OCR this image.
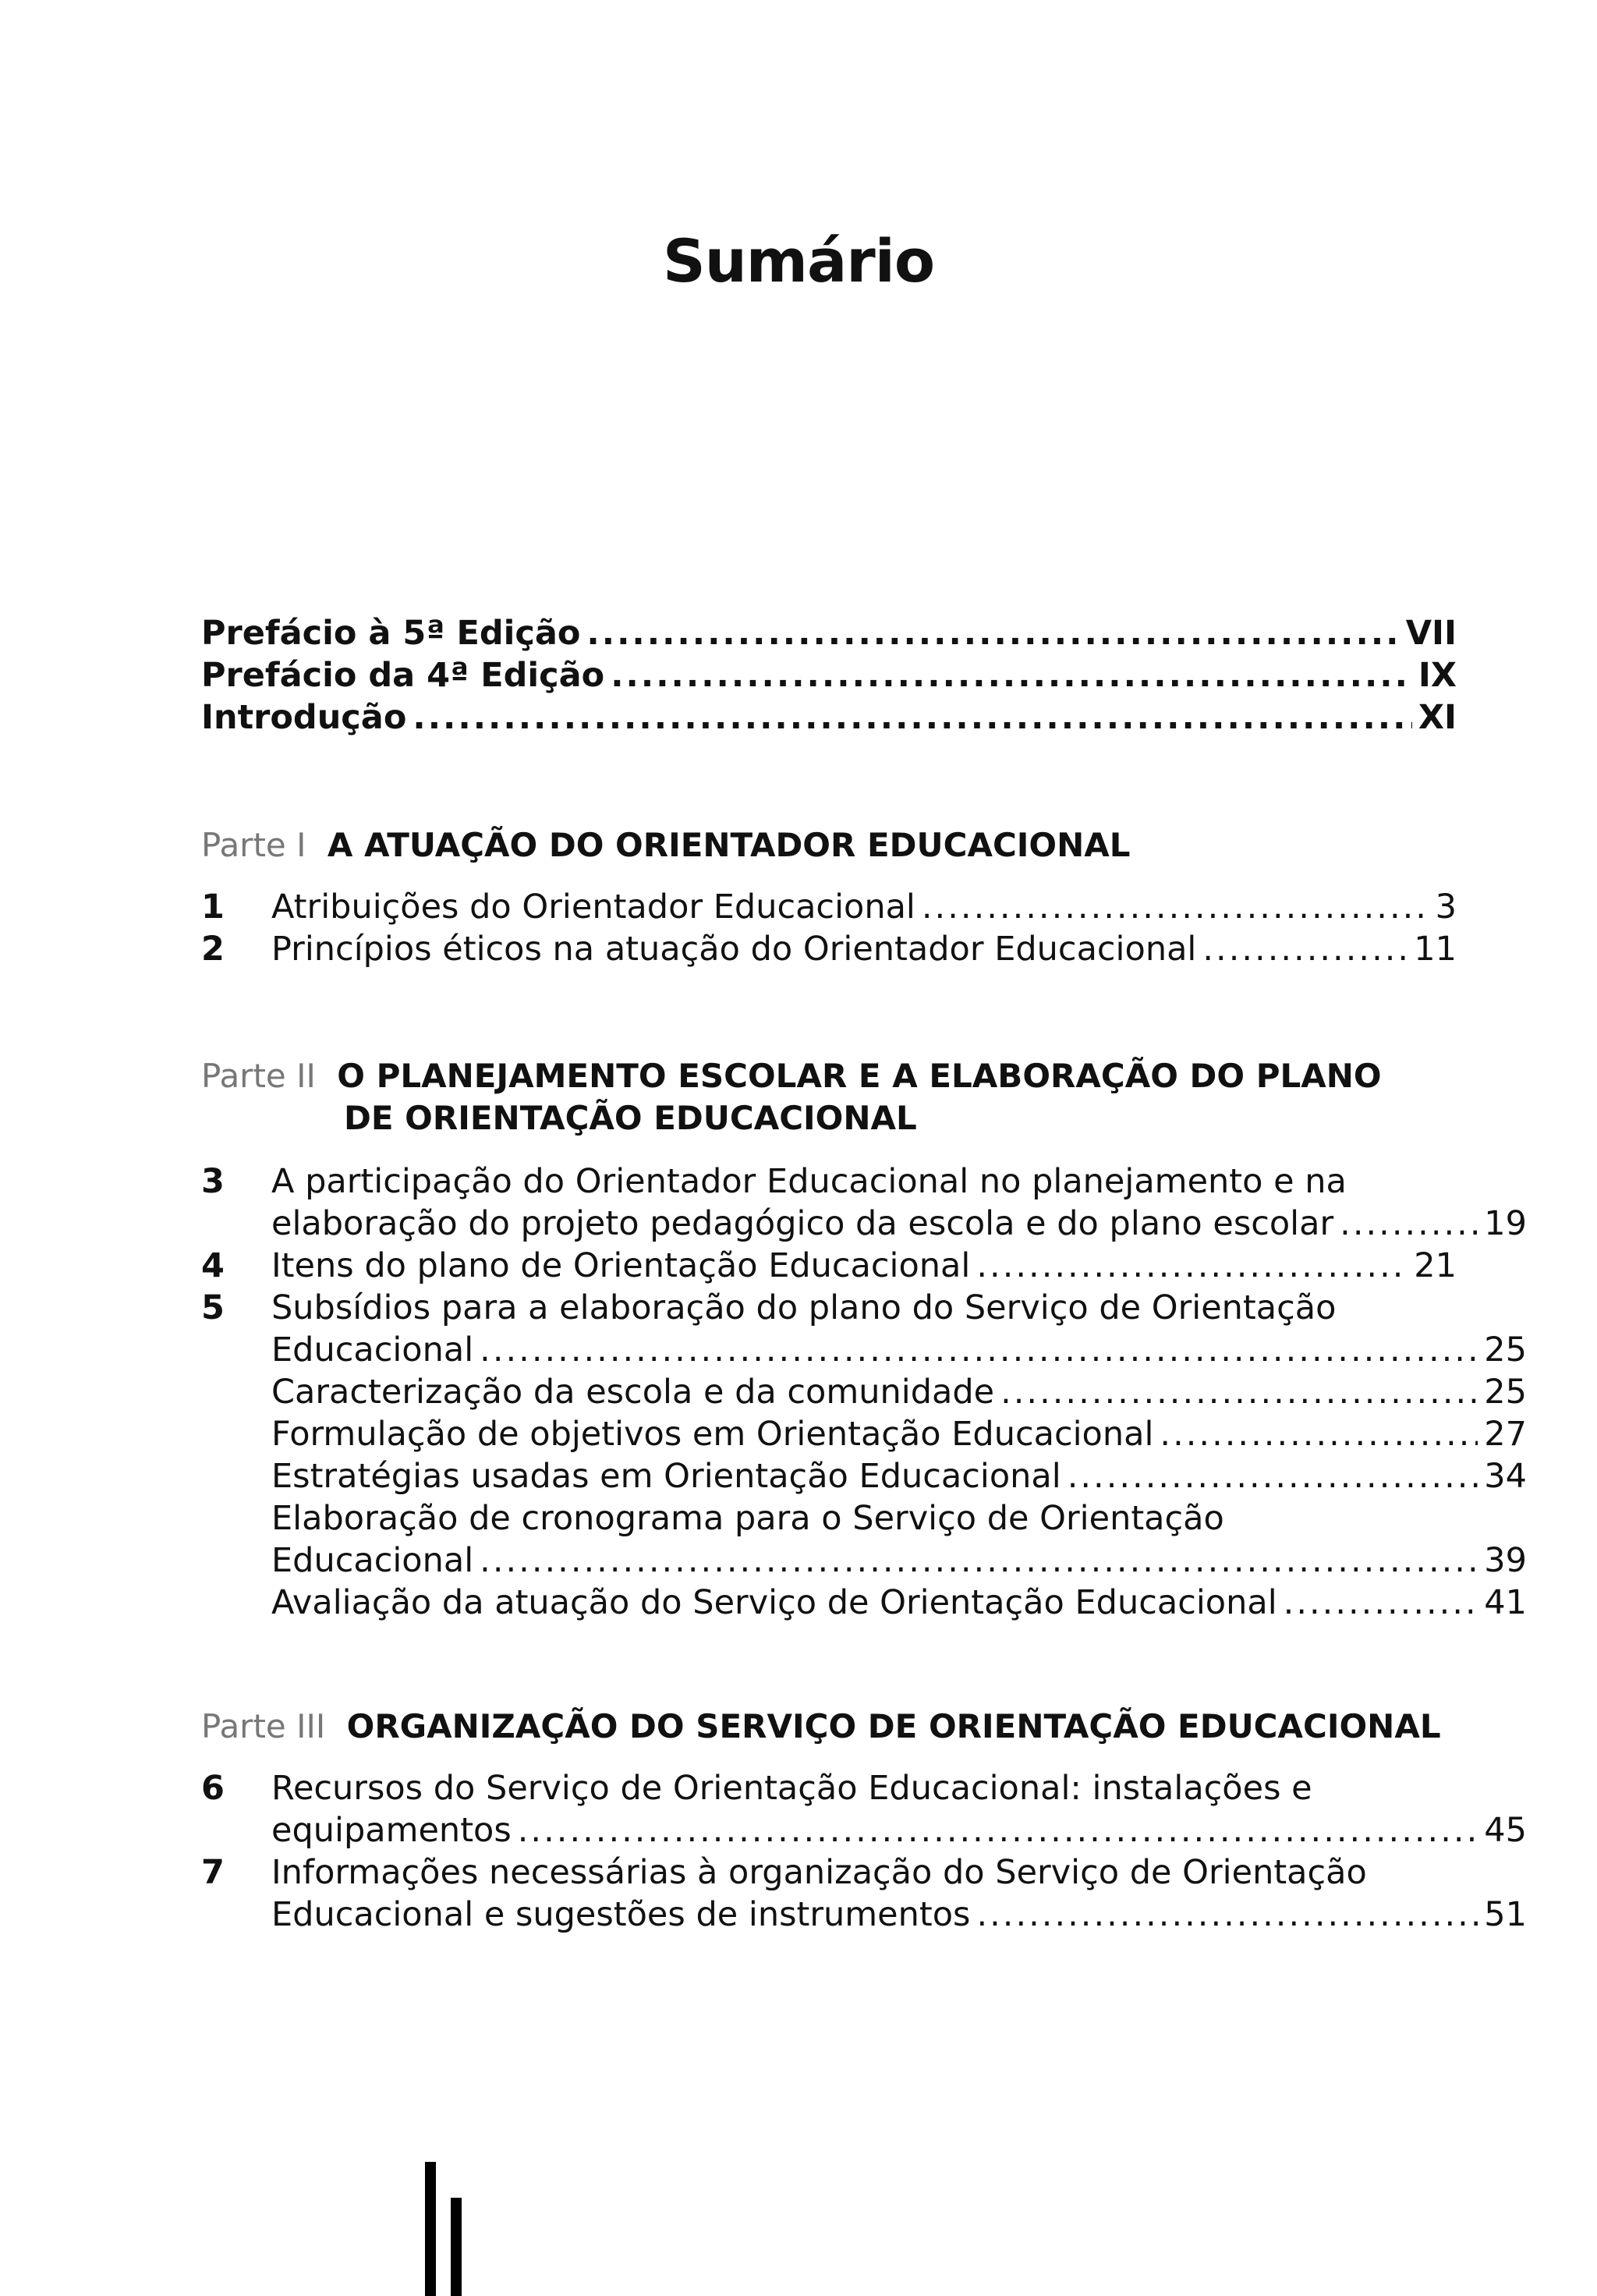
Sumário
Prefácio à 5ª Edição .....	VII
Prefácio da 4ª Edição .....	IX
Introdução .....	XI
Parte I A ATUAÇÃO DO ORIENTADOR EDUCACIONAL
1	Atribuições do Orientador Educacional .....	3
2	Princípios éticos na atuação do Orientador Educacional .....	11
Parte II O PLANEJAMENTO ESCOLAR E A ELABORAÇÃO DO PLANO
DE ORIENTAÇÃO EDUCACIONAL
3	A participação do Orientador Educacional no planejamento e na
elaboração do projeto pedagógico da escola e do plano escolar .....	19
4	Itens do plano de Orientação Educacional .....	21
5	Subsídios para a elaboração do plano do Serviço de Orientação
Educacional .....	25
Caracterização da escola e da comunidade .....	25
Formulação de objetivos em Orientação Educacional .....	27
Estratégias usadas em Orientação Educacional .....	34
Elaboração de cronograma para o Serviço de Orientação
Educacional .....	39
Avaliação da atuação do Serviço de Orientação Educacional .....	41
Parte III ORGANIZAÇÃO DO SERVIÇO DE ORIENTAÇÃO EDUCACIONAL
6	Recursos do Serviço de Orientação Educacional: instalações e
equipamentos .....	45
7	Informações necessárias à organização do Serviço de Orientação
Educacional e sugestões de instrumentos .....	51
